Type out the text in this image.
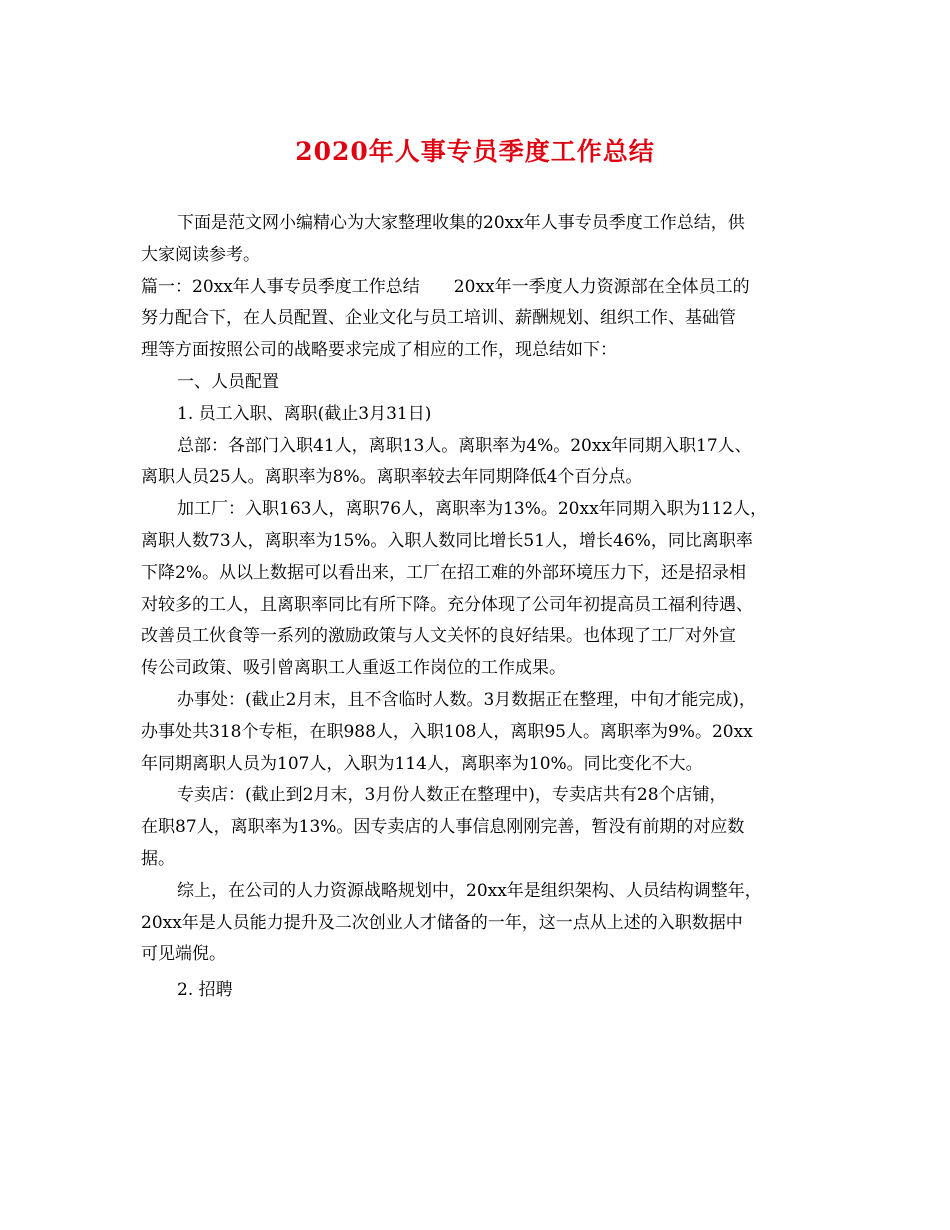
2020年人事专员季度工作总结
下面是范文网小编精心为大家整理收集的20xx年人事专员季度工作总结，供
大家阅读参考。
篇一：20xx年人事专员季度工作总结　　20xx年一季度人力资源部在全体员工的
努力配合下，在人员配置、企业文化与员工培训、薪酬规划、组织工作、基础管
理等方面按照公司的战略要求完成了相应的工作，现总结如下：
一、人员配置
1. 员工入职、离职(截止3月31日)
总部：各部门入职41人，离职13人。离职率为4%。20xx年同期入职17人、
离职人员25人。离职率为8%。离职率较去年同期降低4个百分点。
加工厂：入职163人，离职76人，离职率为13%。20xx年同期入职为112人，
离职人数73人，离职率为15%。入职人数同比增长51人，增长46%，同比离职率
下降2%。从以上数据可以看出来，工厂在招工难的外部环境压力下，还是招录相
对较多的工人，且离职率同比有所下降。充分体现了公司年初提高员工福利待遇、
改善员工伙食等一系列的激励政策与人文关怀的良好结果。也体现了工厂对外宣
传公司政策、吸引曾离职工人重返工作岗位的工作成果。
办事处：(截止2月末，且不含临时人数。3月数据正在整理，中旬才能完成)，
办事处共318个专柜，在职988人，入职108人，离职95人。离职率为9%。20xx
年同期离职人员为107人，入职为114人，离职率为10%。同比变化不大。
专卖店：(截止到2月末，3月份人数正在整理中)，专卖店共有28个店铺，
在职87人，离职率为13%。因专卖店的人事信息刚刚完善，暂没有前期的对应数
据。
综上，在公司的人力资源战略规划中，20xx年是组织架构、人员结构调整年，
20xx年是人员能力提升及二次创业人才储备的一年，这一点从上述的入职数据中
可见端倪。
2. 招聘
